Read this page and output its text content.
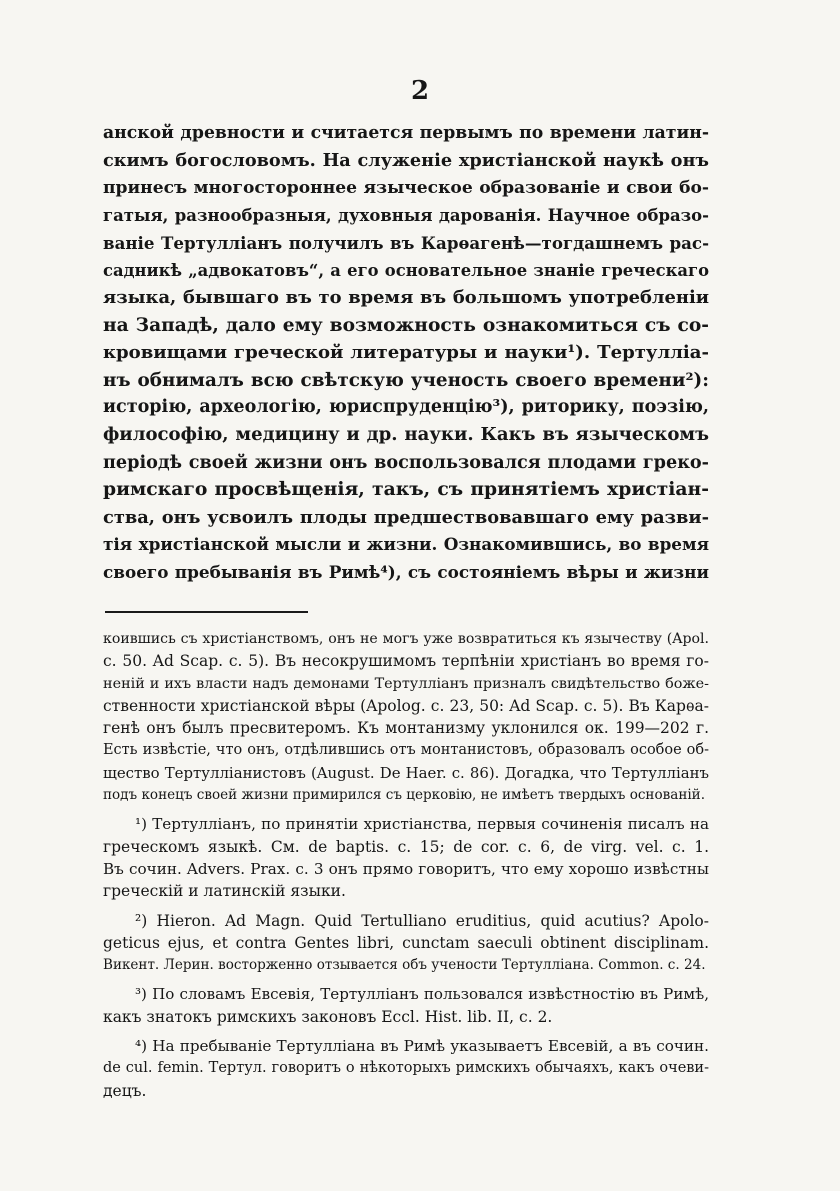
2
анской древности и считается первымъ по времени латин-
скимъ богословомъ. На служеніе христіанской наукѣ онъ
принесъ многостороннее языческое образованіе и свои бо-
гатыя, разнообразныя, духовныя дарованія. Научное образо-
ваніе Тертулліанъ получилъ въ Карѳагенѣ—тогдашнемъ рас-
садникѣ „адвокатовъ“, а его основательное знаніе греческаго
языка, бывшаго въ то время въ большомъ употребленіи
на Западѣ, дало ему возможность ознакомиться съ со-
кровищами греческой литературы и науки¹). Тертулліа-
нъ обнималъ всю свѣтскую ученость своего времени²):
исторію, археологію, юриспруденцію³), риторику, поэзію,
философію, медицину и др. науки. Какъ въ языческомъ
періодѣ своей жизни онъ воспользовался плодами греко-
римскаго просвѣщенія, такъ, съ принятіемъ христіан-
ства, онъ усвоилъ плоды предшествовавшаго ему разви-
тія христіанской мысли и жизни. Ознакомившись, во время
своего пребыванія въ Римѣ⁴), съ состояніемъ вѣры и жизни
коившись съ христіанствомъ, онъ не могъ уже возвратиться къ язычеству (Apol.
c. 50. Ad Scap. c. 5). Въ несокрушимомъ терпѣніи христіанъ во время го-
неній и ихъ власти надъ демонами Тертулліанъ призналъ свидѣтельство боже-
ственности христіанской вѣры (Apolog. c. 23, 50: Ad Scap. c. 5). Въ Карѳа-
генѣ онъ былъ пресвитеромъ. Къ монтанизму уклонился ок. 199—202 г.
Есть извѣстіе, что онъ, отдѣлившись отъ монтанистовъ, образовалъ особое об-
щество Тертулліанистовъ (August. De Haer. c. 86). Догадка, что Тертулліанъ
подъ конецъ своей жизни примирился съ церковію, не имѣетъ твердыхъ основаній.
¹) Тертулліанъ, по принятіи христіанства, первыя сочиненія писалъ на
греческомъ языкѣ. См. de baptis. c. 15; de cor. c. 6, de virg. vel. c. 1.
Въ сочин. Advers. Prax. c. 3 онъ прямо говоритъ, что ему хорошо извѣстны
греческій и латинскій языки.
²) Hieron. Ad Magn. Quid Tertulliano eruditius, quid acutius? Apolo-
geticus ejus, et contra Gentes libri, cunctam saeculi obtinent disciplinam.
Викент. Лерин. восторженно отзывается объ учености Тертулліана. Common. c. 24.
³) По словамъ Евсевія, Тертулліанъ пользовался извѣстностію въ Римѣ,
какъ знатокъ римскихъ законовъ Eccl. Hist. lib. II, c. 2.
⁴) На пребываніе Тертулліана въ Римѣ указываетъ Евсевій, а въ сочин.
de cul. femin. Тертул. говоритъ о нѣкоторыхъ римскихъ обычаяхъ, какъ очеви-
децъ.
